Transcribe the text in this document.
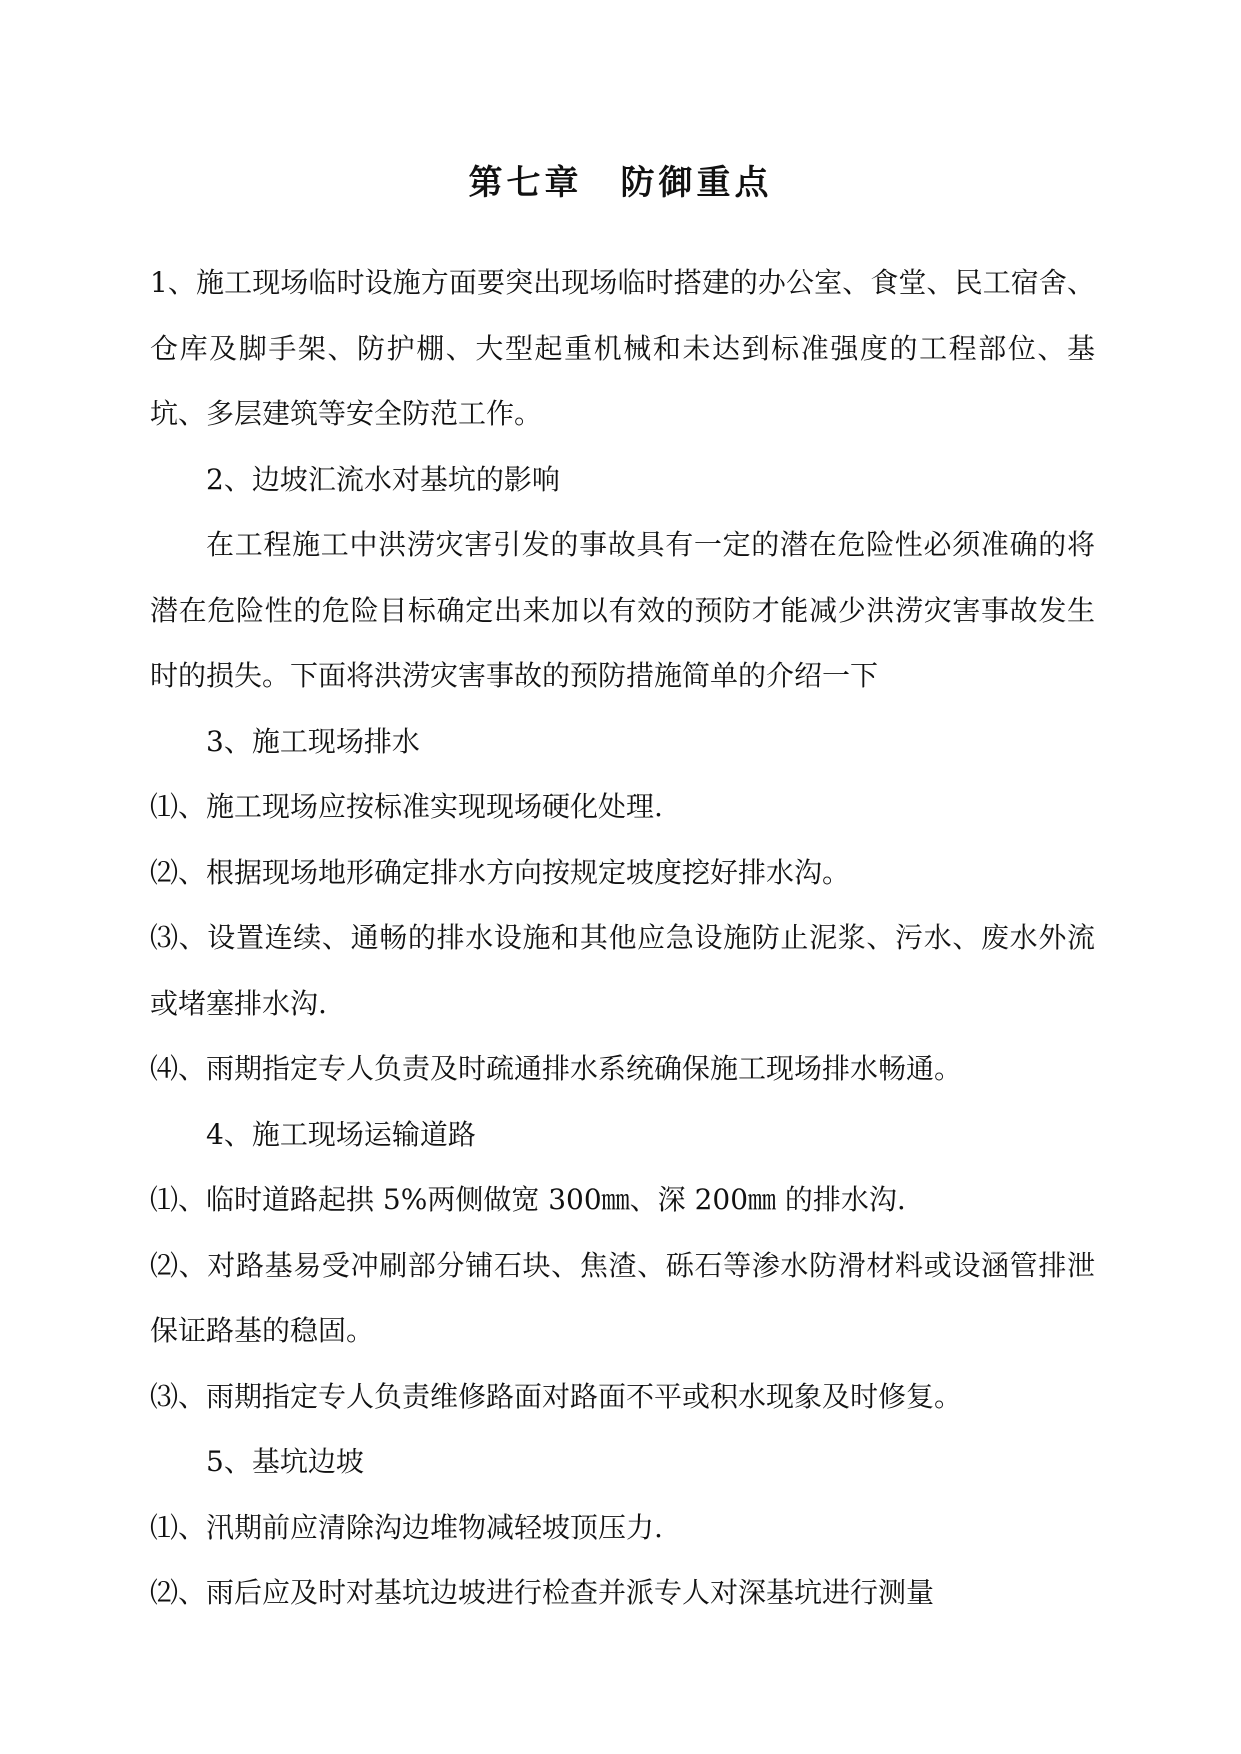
第七章　防御重点

1、施工现场临时设施方面要突出现场临时搭建的办公室、食堂、民工宿舍、仓库及脚手架、防护棚、大型起重机械和未达到标准强度的工程部位、基坑、多层建筑等安全防范工作。

2、边坡汇流水对基坑的影响

在工程施工中洪涝灾害引发的事故具有一定的潜在危险性必须准确的将潜在危险性的危险目标确定出来加以有效的预防才能减少洪涝灾害事故发生时的损失。下面将洪涝灾害事故的预防措施简单的介绍一下

3、施工现场排水

⑴、施工现场应按标准实现现场硬化处理.

⑵、根据现场地形确定排水方向按规定坡度挖好排水沟。

⑶、设置连续、通畅的排水设施和其他应急设施防止泥浆、污水、废水外流或堵塞排水沟.

⑷、雨期指定专人负责及时疏通排水系统确保施工现场排水畅通。

4、施工现场运输道路

⑴、临时道路起拱 5%两侧做宽 300㎜、深 200㎜ 的排水沟.

⑵、对路基易受冲刷部分铺石块、焦渣、砾石等渗水防滑材料或设涵管排泄保证路基的稳固。

⑶、雨期指定专人负责维修路面对路面不平或积水现象及时修复。

5、基坑边坡

⑴、汛期前应清除沟边堆物减轻坡顶压力.

⑵、雨后应及时对基坑边坡进行检查并派专人对深基坑进行测量
